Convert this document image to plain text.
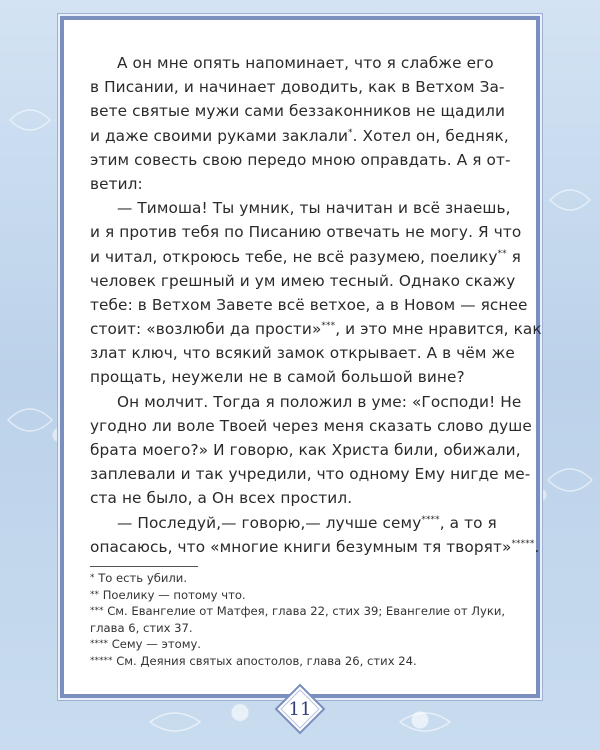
А он мне опять напоминает, что я слабже его
в Писании, и начинает доводить, как в Ветхом За-
вете святые мужи сами беззаконников не щадили
и даже своими руками заклали*. Хотел он, бедняк,
этим совесть свою передо мною оправдать. А я от-
ветил:
— Тимоша! Ты умник, ты начитан и всё знаешь,
и я против тебя по Писанию отвечать не могу. Я что
и читал, откроюсь тебе, не всё разумею, поелику** я
человек грешный и ум имею тесный. Однако скажу
тебе: в Ветхом Завете всё ветхое, а в Новом — яснее
стоит: «возлюби да прости»***, и это мне нравится, как
злат ключ, что всякий замок открывает. А в чём же
прощать, неужели не в самой большой вине?
Он молчит. Тогда я положил в уме: «Господи! Не
угодно ли воле Твоей через меня сказать слово душе
брата моего?» И говорю, как Христа били, обижали,
заплевали и так учредили, что одному Ему нигде ме-
ста не было, а Он всех простил.
— Последуй,— говорю,— лучше сему****, а то я
опасаюсь, что «многие книги безумным тя творят»*****.
* То есть убили.
** Поелику — потому что.
*** См. Евангелие от Матфея, глава 22, стих 39; Евангелие от Луки,
глава 6, стих 37.
**** Сему — этому.
***** См. Деяния святых апостолов, глава 26, стих 24.
11
